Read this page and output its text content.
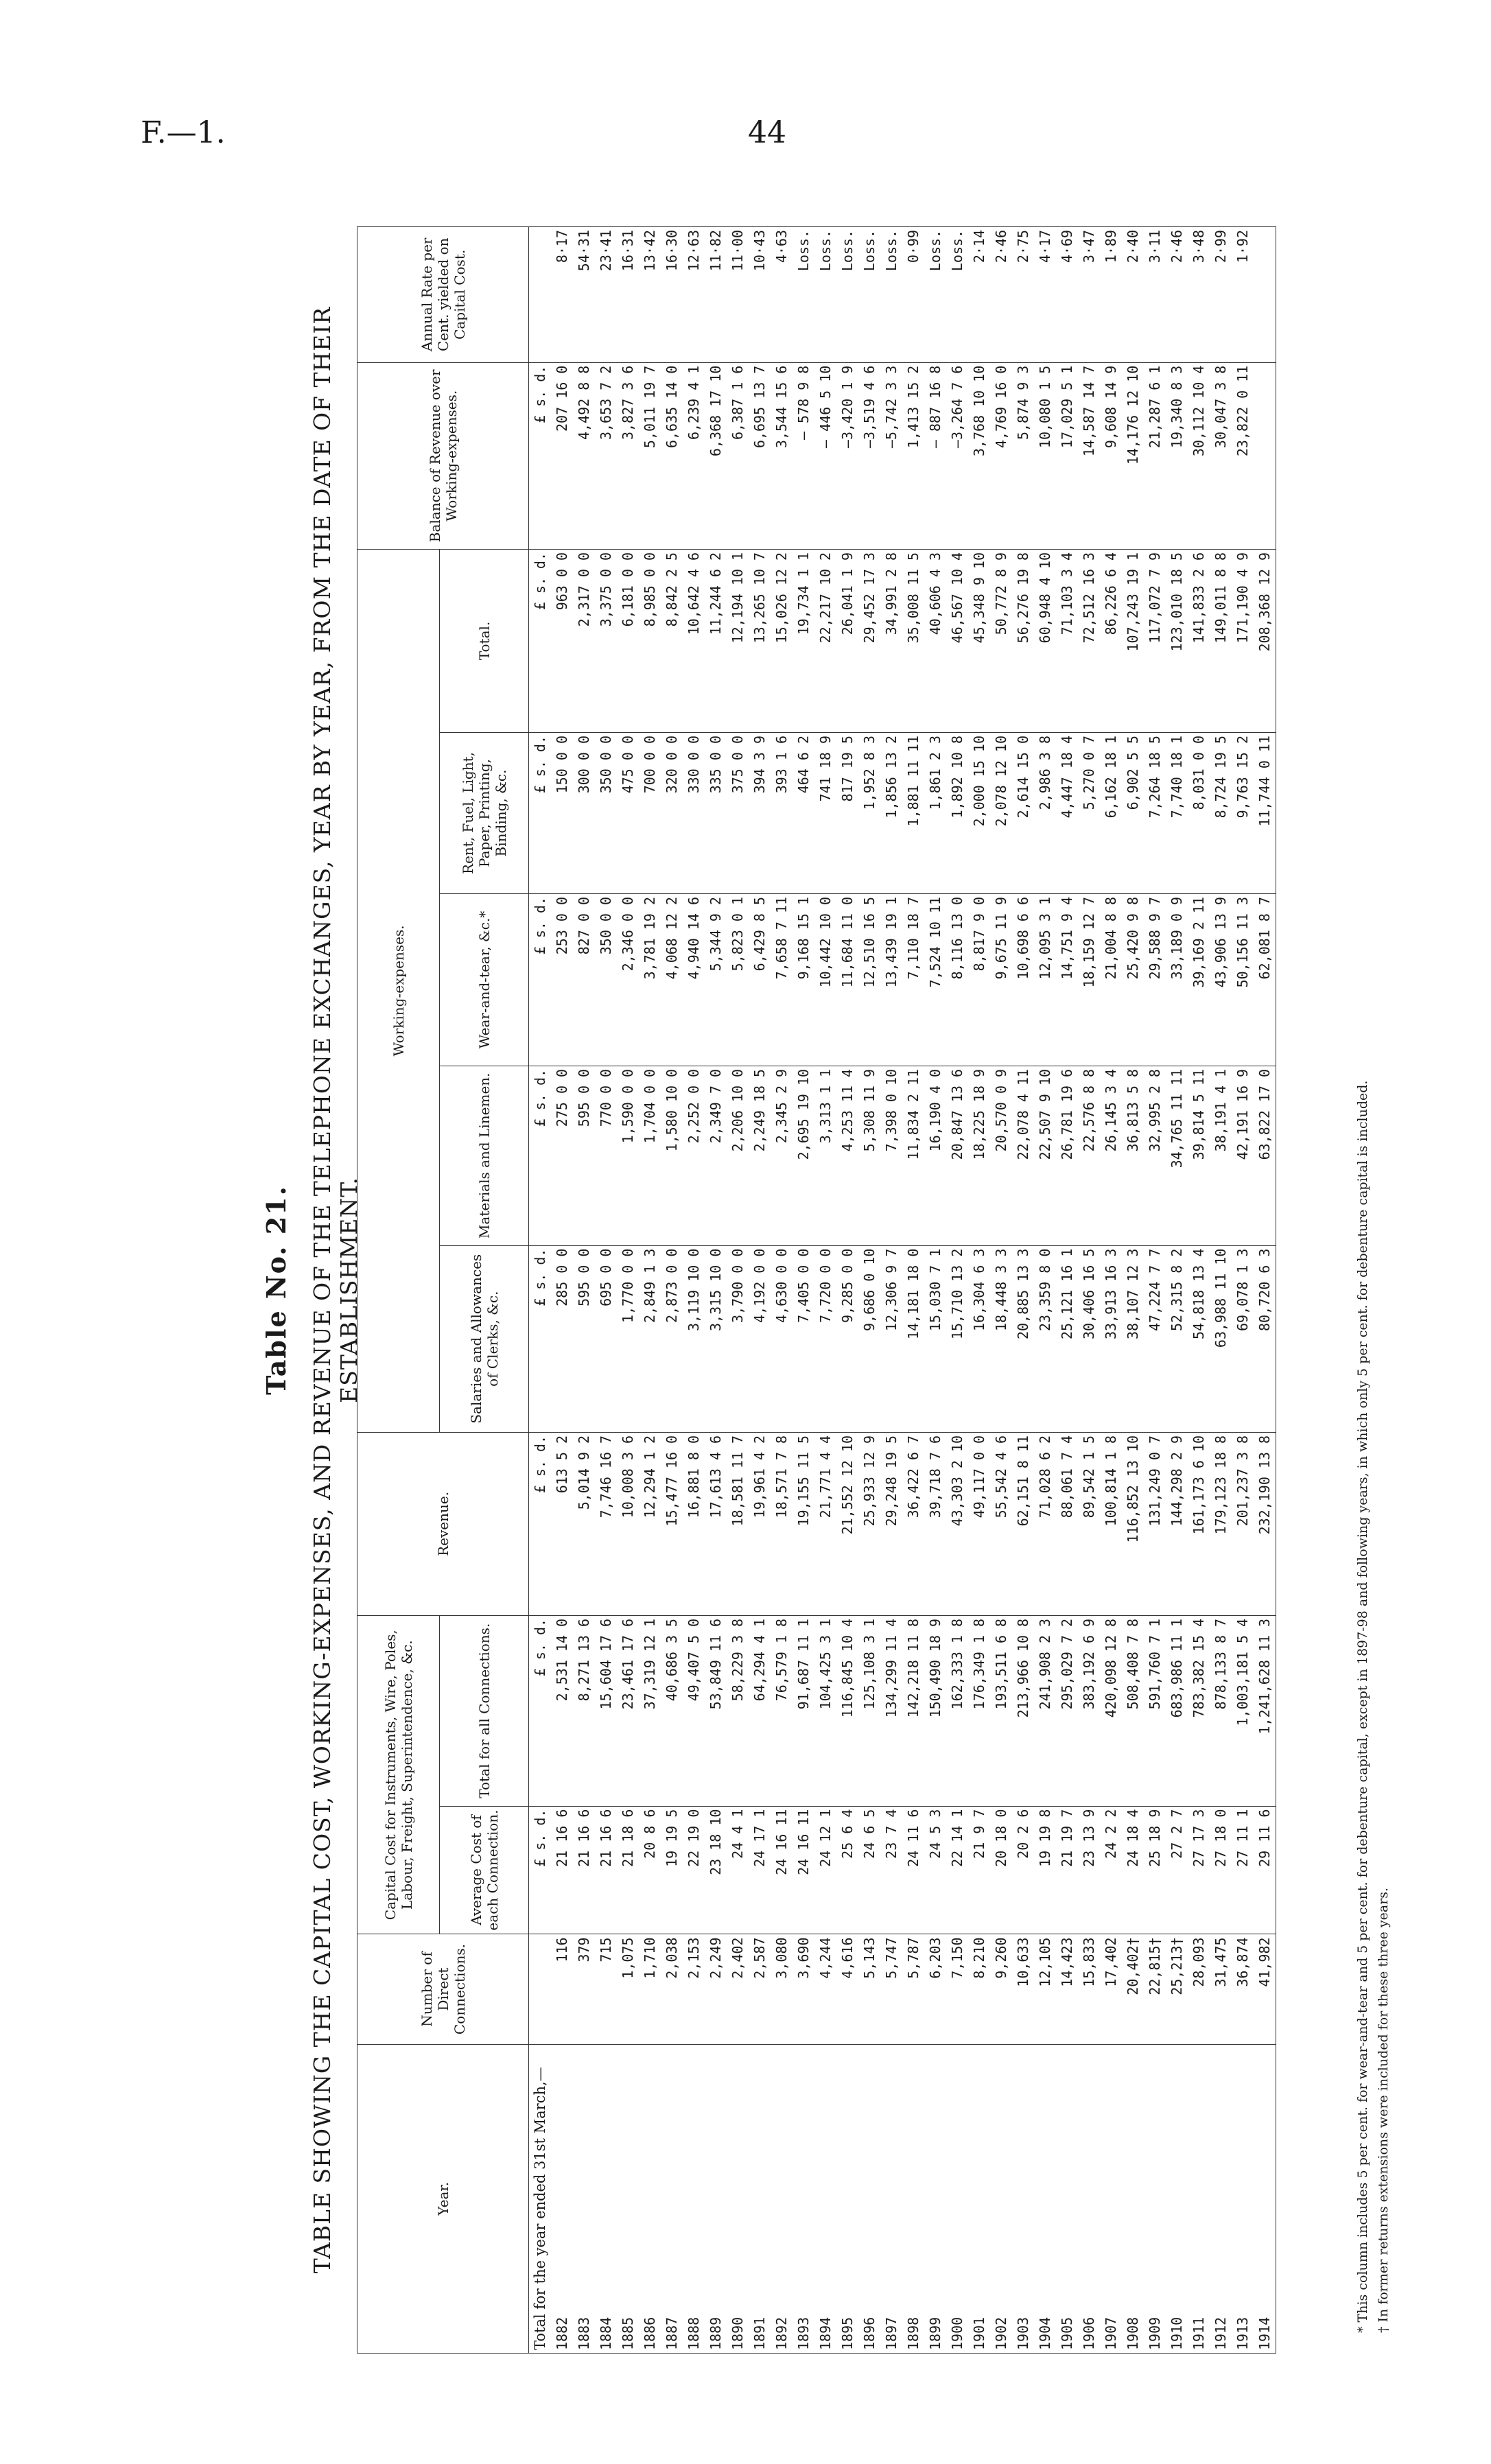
F.—1.	44
Table No. 21. TABLE SHOWING THE CAPITAL COST, WORKING-EXPENSES, AND REVENUE OF THE TELEPHONE EXCHANGES, YEAR BY YEAR, FROM THE DATE OF THEIR ESTABLISHMENT.
Year.	Number of Direct Connections.	Capital Cost for Instruments, Wire, Poles, Labour, Freight, Superintendence, &c.		Revenue.	Working-expenses.					Balance of Revenue over Working-expenses.	Annual Rate per Cent. yielded on Capital Cost.
		Average Cost of each Connection.	Total for all Connections.		Salaries and Allowances of Clerks, &c.	Materials and Linemen.	Wear-and-tear, &c.*	Rent, Fuel, Light, Paper, Printing, Binding, &c.	Total.		
Total for the year ended 31st March,—		£ s. d.	£ s. d.	£ s. d.	£ s. d.	£ s. d.	£ s. d.	£ s. d.	£ s. d.	£ s. d.	
1882	116	21 16 6	2,531 14 0	613 5 2	285 0 0	275 0 0	253 0 0	150 0 0	963 0 0	207 16 0	8·17
1883	379	21 16 6	8,271 13 6	5,014 9 2	595 0 0	595 0 0	827 0 0	300 0 0	2,317 0 0	4,492 8 8	54·31
1884	715	21 16 6	15,604 17 6	7,746 16 7	695 0 0	770 0 0	350 0 0	350 0 0	3,375 0 0	3,653 7 2	23·41
1885	1,075	21 18 6	23,461 17 6	10,008 3 6	1,770 0 0	1,590 0 0	2,346 0 0	475 0 0	6,181 0 0	3,827 3 6	16·31
1886	1,710	20 8 6	37,319 12 1	12,294 1 2	2,849 1 3	1,704 0 0	3,781 19 2	700 0 0	8,985 0 0	5,011 19 7	13·42
1887	2,038	19 19 5	40,686 3 5	15,477 16 0	2,873 0 0	1,580 10 0	4,068 12 2	320 0 0	8,842 2 5	6,635 14 0	16·30
1888	2,153	22 19 0	49,407 5 0	16,881 8 0	3,119 10 0	2,252 0 0	4,940 14 6	330 0 0	10,642 4 6	6,239 4 1	12·63
1889	2,249	23 18 10	53,849 11 6	17,613 4 6	3,315 10 0	2,349 7 0	5,344 9 2	335 0 0	11,244 6 2	6,368 17 10	11·82
1890	2,402	24 4 1	58,229 3 8	18,581 11 7	3,790 0 0	2,206 10 0	5,823 0 1	375 0 0	12,194 10 1	6,387 1 6	11·00
1891	2,587	24 17 1	64,294 4 1	19,961 4 2	4,192 0 0	2,249 18 5	6,429 8 5	394 3 9	13,265 10 7	6,695 13 7	10·43
1892	3,080	24 16 11	76,579 1 8	18,571 7 8	4,630 0 0	2,345 2 9	7,658 7 11	393 1 6	15,026 12 2	3,544 15 6	4·63
1893	3,690	24 16 11	91,687 11 1	19,155 11 5	7,405 0 0	2,695 19 10	9,168 15 1	464 6 2	19,734 1 1	– 578 9 8	Loss.
1894	4,244	24 12 1	104,425 3 1	21,771 4 4	7,720 0 0	3,313 1 1	10,442 10 0	741 18 9	22,217 10 2	– 446 5 10	Loss.
1895	4,616	25 6 4	116,845 10 4	21,552 12 10	9,285 0 0	4,253 11 4	11,684 11 0	817 19 5	26,041 1 9	–3,420 1 9	Loss.
1896	5,143	24 6 5	125,108 3 1	25,933 12 9	9,686 0 10	5,308 11 9	12,510 16 5	1,952 8 3	29,452 17 3	–3,519 4 6	Loss.
1897	5,747	23 7 4	134,299 11 4	29,248 19 5	12,306 9 7	7,398 0 10	13,439 19 1	1,856 13 2	34,991 2 8	–5,742 3 3	Loss.
1898	5,787	24 11 6	142,218 11 8	36,422 6 7	14,181 18 0	11,834 2 11	7,110 18 7	1,881 11 11	35,008 11 5	1,413 15 2	0·99
1899	6,203	24 5 3	150,490 18 9	39,718 7 6	15,030 7 1	16,190 4 0	7,524 10 11	1,861 2 3	40,606 4 3	– 887 16 8	Loss.
1900	7,150	22 14 1	162,333 1 8	43,303 2 10	15,710 13 2	20,847 13 6	8,116 13 0	1,892 10 8	46,567 10 4	–3,264 7 6	Loss.
1901	8,210	21 9 7	176,349 1 8	49,117 0 0	16,304 6 3	18,225 18 9	8,817 9 0	2,000 15 10	45,348 9 10	3,768 10 10	2·14
1902	9,260	20 18 0	193,511 6 8	55,542 4 6	18,448 3 3	20,570 0 9	9,675 11 9	2,078 12 10	50,772 8 9	4,769 16 0	2·46
1903	10,633	20 2 6	213,966 10 8	62,151 8 11	20,885 13 3	22,078 4 11	10,698 6 6	2,614 15 0	56,276 19 8	5,874 9 3	2·75
1904	12,105	19 19 8	241,908 2 3	71,028 6 2	23,359 8 0	22,507 9 10	12,095 3 1	2,986 3 8	60,948 4 10	10,080 1 5	4·17
1905	14,423	21 19 7	295,029 7 2	88,061 7 4	25,121 16 1	26,781 19 6	14,751 9 4	4,447 18 4	71,103 3 4	17,029 5 1	4·69
1906	15,833	23 13 9	383,192 6 9	89,542 1 5	30,406 16 5	22,576 8 8	18,159 12 7	5,270 0 7	72,512 16 3	14,587 14 7	3·47
1907	17,402	24 2 2	420,098 12 8	100,814 1 8	33,913 16 3	26,145 3 4	21,004 8 8	6,162 18 1	86,226 6 4	9,608 14 9	1·89
1908	20,402†	24 18 4	508,408 7 8	116,852 13 10	38,107 12 3	36,813 5 8	25,420 9 8	6,902 5 5	107,243 19 1	14,176 12 10	2·40
1909	22,815†	25 18 9	591,760 7 1	131,249 0 7	47,224 7 7	32,995 2 8	29,588 9 7	7,264 18 5	117,072 7 9	21,287 6 1	3·11
1910	25,213†	27 2 7	683,986 11 1	144,298 2 9	52,315 8 2	34,765 11 11	33,189 0 9	7,740 18 1	123,010 18 5	19,340 8 3	2·46
1911	28,093	27 17 3	783,382 15 4	161,173 6 10	54,818 13 4	39,814 5 11	39,169 2 11	8,031 0 0	141,833 2 6	30,112 10 4	3·48
1912	31,475	27 18 0	878,133 8 7	179,123 18 8	63,988 11 10	38,191 4 1	43,906 13 9	8,724 19 5	149,011 8 8	30,047 3 8	2·99
1913	36,874	27 11 1	1,003,181 5 4	201,237 3 8	69,078 1 3	42,191 16 9	50,156 11 3	9,763 15 2	171,190 4 9	23,822 0 11	1·92
1914	41,982	29 11 6	1,241,628 11 3	232,190 13 8	80,720 6 3	63,822 17 0	62,081 8 7	11,744 0 11	208,368 12 9		
* This column includes 5 per cent. for wear-and-tear and 5 per cent. for debenture capital, except in 1897-98 and following years, in which only 5 per cent. for debenture capital is included. † In former returns extensions were included for these three years.
